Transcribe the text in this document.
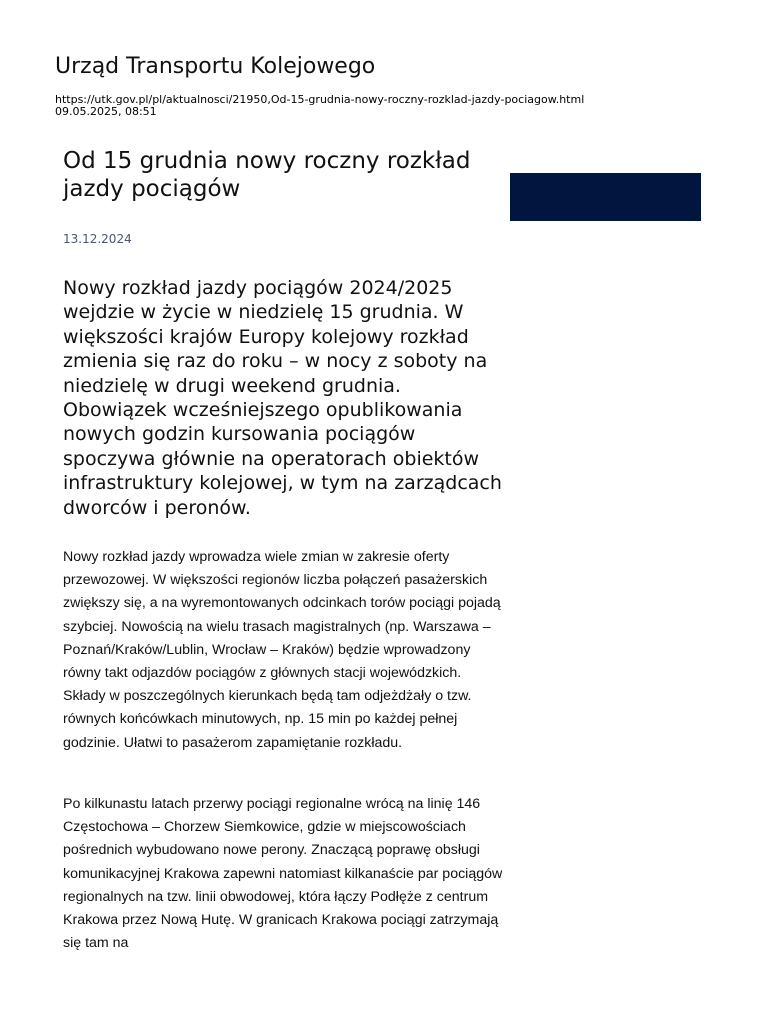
Urząd Transportu Kolejowego
https://utk.gov.pl/pl/aktualnosci/21950,Od-15-grudnia-nowy-roczny-rozklad-jazdy-pociagow.html
09.05.2025, 08:51
Od 15 grudnia nowy roczny rozkład jazdy pociągów
13.12.2024

Nowy rozkład jazdy pociągów 2024/2025 wejdzie w życie w niedzielę 15 grudnia. W większości krajów Europy kolejowy rozkład zmienia się raz do roku – w nocy z soboty na niedzielę w drugi weekend grudnia. Obowiązek wcześniejszego opublikowania nowych godzin kursowania pociągów spoczywa głównie na operatorach obiektów infrastruktury kolejowej, w tym na zarządcach dworców i peronów.

Nowy rozkład jazdy wprowadza wiele zmian w zakresie oferty przewozowej. W większości regionów liczba połączeń pasażerskich zwiększy się, a na wyremontowanych odcinkach torów pociągi pojadą szybciej. Nowością na wielu trasach magistralnych (np. Warszawa – Poznań/Kraków/Lublin, Wrocław – Kraków) będzie wprowadzony równy takt odjazdów pociągów z głównych stacji wojewódzkich. Składy w poszczególnych kierunkach będą tam odjeżdżały o tzw. równych końcówkach minutowych, np. 15 min po każdej pełnej godzinie. Ułatwi to pasażerom zapamiętanie rozkładu.

Po kilkunastu latach przerwy pociągi regionalne wrócą na linię 146 Częstochowa – Chorzew Siemkowice, gdzie w miejscowościach pośrednich wybudowano nowe perony. Znaczącą poprawę obsługi komunikacyjnej Krakowa zapewni natomiast kilkanaście par pociągów regionalnych na tzw. linii obwodowej, która łączy Podłęże z centrum Krakowa przez Nową Hutę. W granicach Krakowa pociągi zatrzymają się tam na
